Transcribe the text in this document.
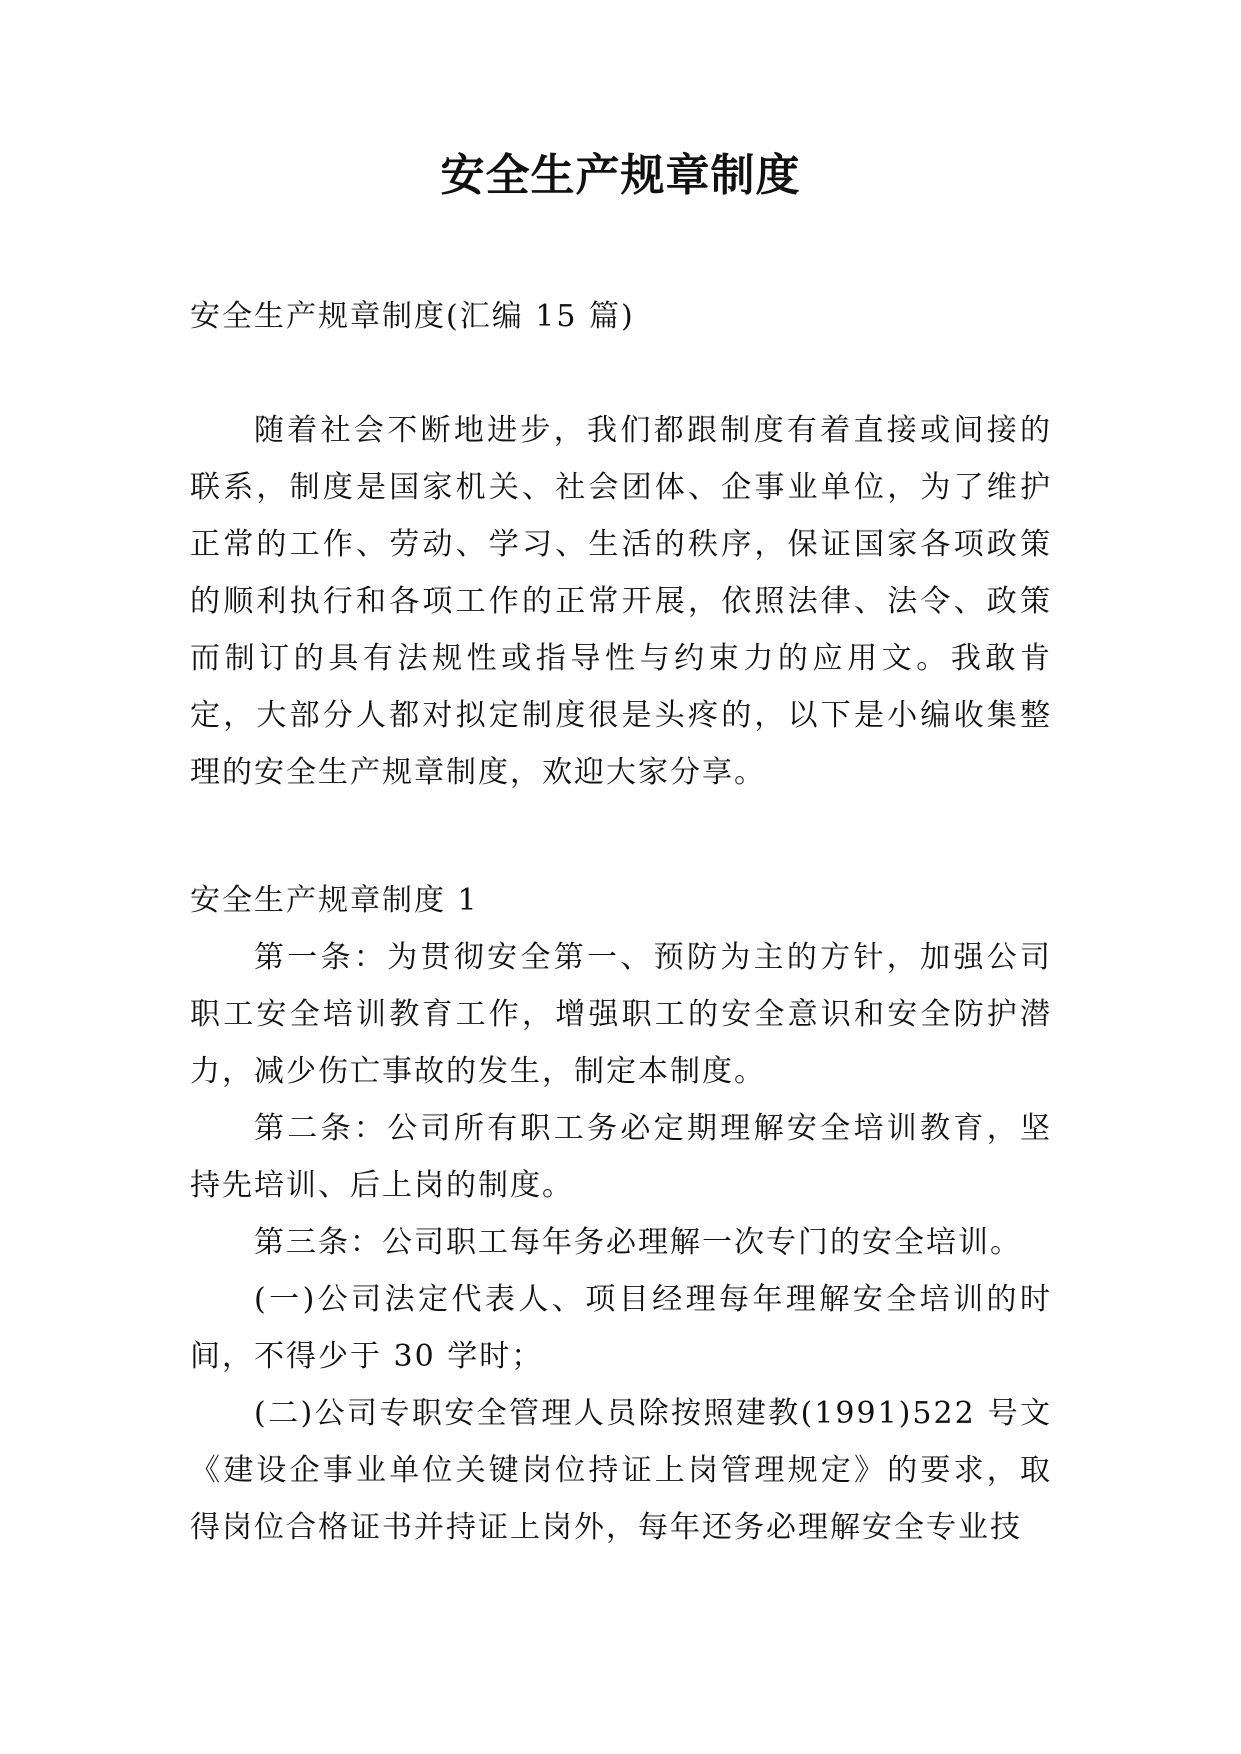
安全生产规章制度
安全生产规章制度(汇编 15 篇)

随着社会不断地进步，我们都跟制度有着直接或间接的联系，制度是国家机关、社会团体、企事业单位，为了维护正常的工作、劳动、学习、生活的秩序，保证国家各项政策的顺利执行和各项工作的正常开展，依照法律、法令、政策而制订的具有法规性或指导性与约束力的应用文。我敢肯定，大部分人都对拟定制度很是头疼的，以下是小编收集整理的安全生产规章制度，欢迎大家分享。

安全生产规章制度 1

第一条：为贯彻安全第一、预防为主的方针，加强公司职工安全培训教育工作，增强职工的安全意识和安全防护潜力，减少伤亡事故的发生，制定本制度。

第二条：公司所有职工务必定期理解安全培训教育，坚持先培训、后上岗的制度。

第三条：公司职工每年务必理解一次专门的安全培训。

(一)公司法定代表人、项目经理每年理解安全培训的时间，不得少于 30 学时；

(二)公司专职安全管理人员除按照建教(1991)522 号文《建设企事业单位关键岗位持证上岗管理规定》的要求，取得岗位合格证书并持证上岗外，每年还务必理解安全专业技
